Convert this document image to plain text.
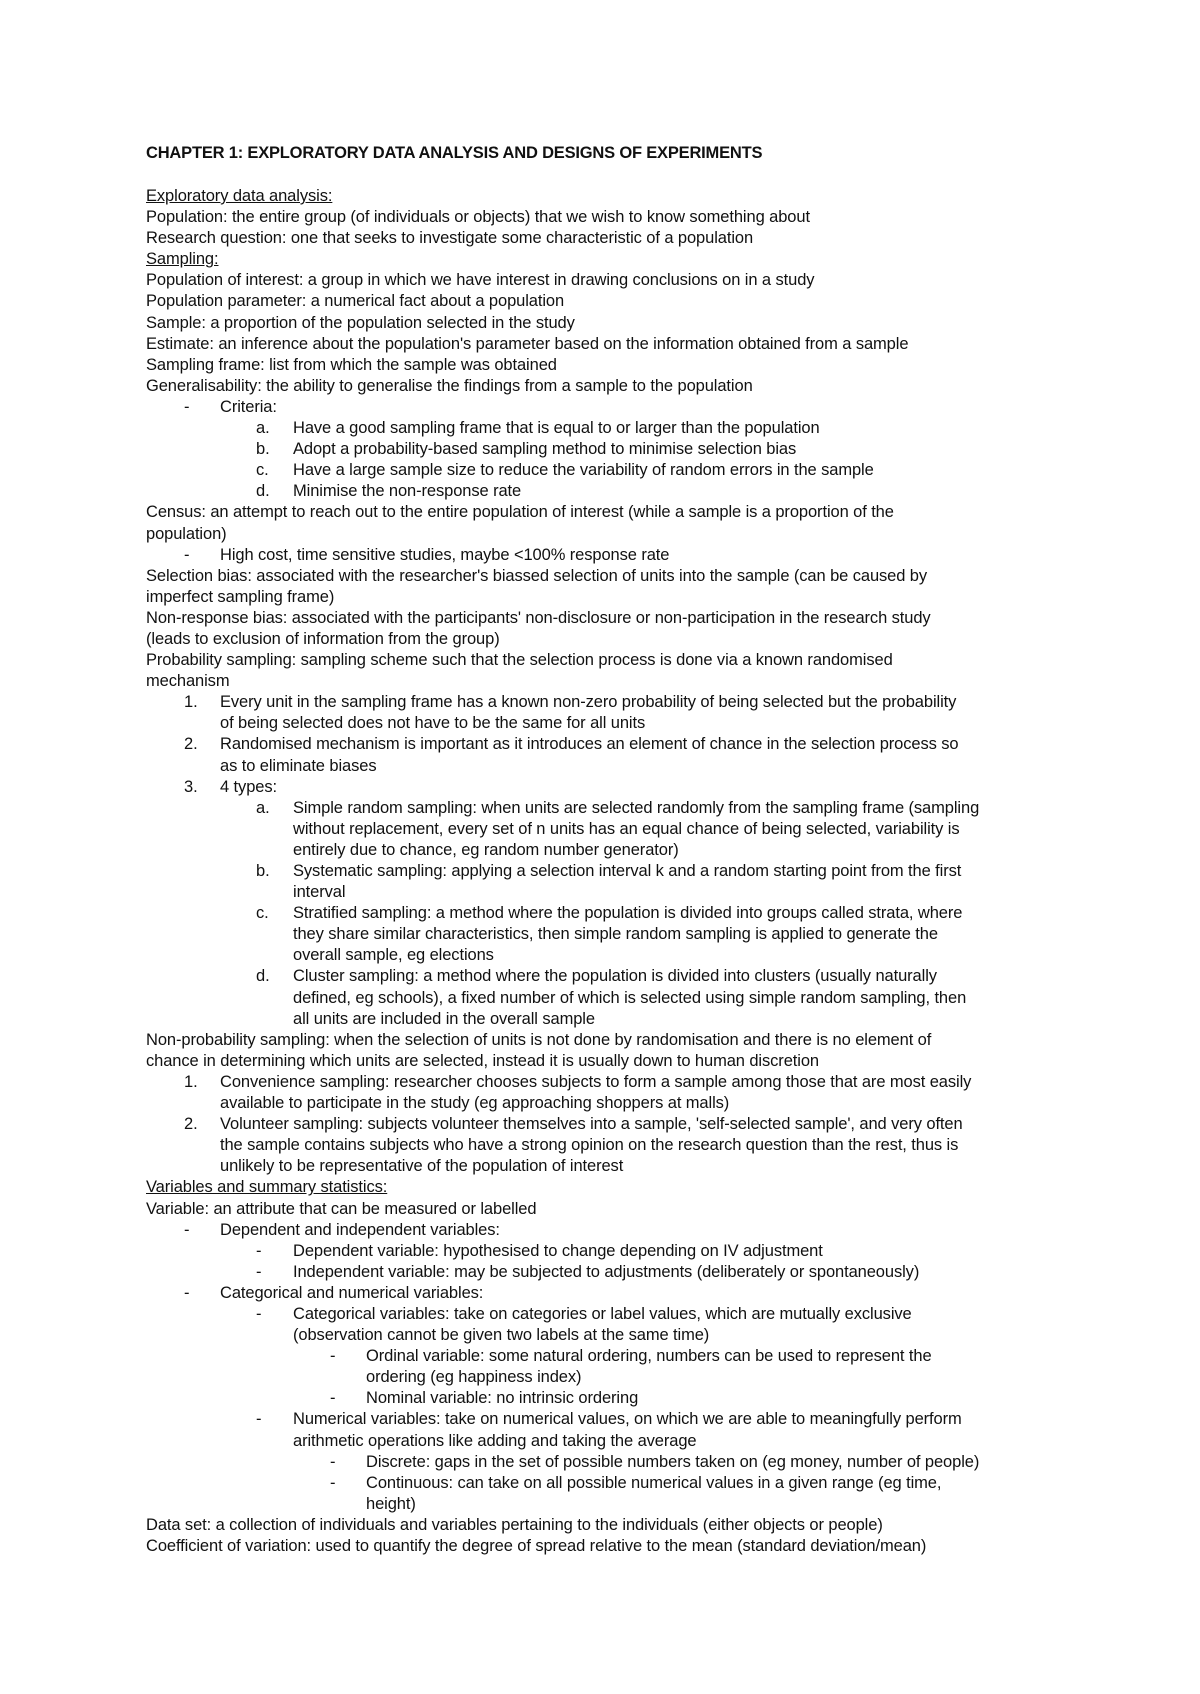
CHAPTER 1: EXPLORATORY DATA ANALYSIS AND DESIGNS OF EXPERIMENTS
Exploratory data analysis:
Population: the entire group (of individuals or objects) that we wish to know something about
Research question: one that seeks to investigate some characteristic of a population
Sampling:
Population of interest: a group in which we have interest in drawing conclusions on in a study
Population parameter: a numerical fact about a population
Sample: a proportion of the population selected in the study
Estimate: an inference about the population's parameter based on the information obtained from a sample
Sampling frame: list from which the sample was obtained
Generalisability: the ability to generalise the findings from a sample to the population
- Criteria:
a. Have a good sampling frame that is equal to or larger than the population
b. Adopt a probability-based sampling method to minimise selection bias
c. Have a large sample size to reduce the variability of random errors in the sample
d. Minimise the non-response rate
Census: an attempt to reach out to the entire population of interest (while a sample is a proportion of the
population)
- High cost, time sensitive studies, maybe <100% response rate
Selection bias: associated with the researcher's biassed selection of units into the sample (can be caused by
imperfect sampling frame)
Non-response bias: associated with the participants' non-disclosure or non-participation in the research study
(leads to exclusion of information from the group)
Probability sampling: sampling scheme such that the selection process is done via a known randomised
mechanism
1. Every unit in the sampling frame has a known non-zero probability of being selected but the probability
of being selected does not have to be the same for all units
2. Randomised mechanism is important as it introduces an element of chance in the selection process so
as to eliminate biases
3. 4 types:
a. Simple random sampling: when units are selected randomly from the sampling frame (sampling
without replacement, every set of n units has an equal chance of being selected, variability is
entirely due to chance, eg random number generator)
b. Systematic sampling: applying a selection interval k and a random starting point from the first
interval
c. Stratified sampling: a method where the population is divided into groups called strata, where
they share similar characteristics, then simple random sampling is applied to generate the
overall sample, eg elections
d. Cluster sampling: a method where the population is divided into clusters (usually naturally
defined, eg schools), a fixed number of which is selected using simple random sampling, then
all units are included in the overall sample
Non-probability sampling: when the selection of units is not done by randomisation and there is no element of
chance in determining which units are selected, instead it is usually down to human discretion
1. Convenience sampling: researcher chooses subjects to form a sample among those that are most easily
available to participate in the study (eg approaching shoppers at malls)
2. Volunteer sampling: subjects volunteer themselves into a sample, 'self-selected sample', and very often
the sample contains subjects who have a strong opinion on the research question than the rest, thus is
unlikely to be representative of the population of interest
Variables and summary statistics:
Variable: an attribute that can be measured or labelled
- Dependent and independent variables:
- Dependent variable: hypothesised to change depending on IV adjustment
- Independent variable: may be subjected to adjustments (deliberately or spontaneously)
- Categorical and numerical variables:
- Categorical variables: take on categories or label values, which are mutually exclusive
(observation cannot be given two labels at the same time)
- Ordinal variable: some natural ordering, numbers can be used to represent the
ordering (eg happiness index)
- Nominal variable: no intrinsic ordering
- Numerical variables: take on numerical values, on which we are able to meaningfully perform
arithmetic operations like adding and taking the average
- Discrete: gaps in the set of possible numbers taken on (eg money, number of people)
- Continuous: can take on all possible numerical values in a given range (eg time,
height)
Data set: a collection of individuals and variables pertaining to the individuals (either objects or people)
Coefficient of variation: used to quantify the degree of spread relative to the mean (standard deviation/mean)
